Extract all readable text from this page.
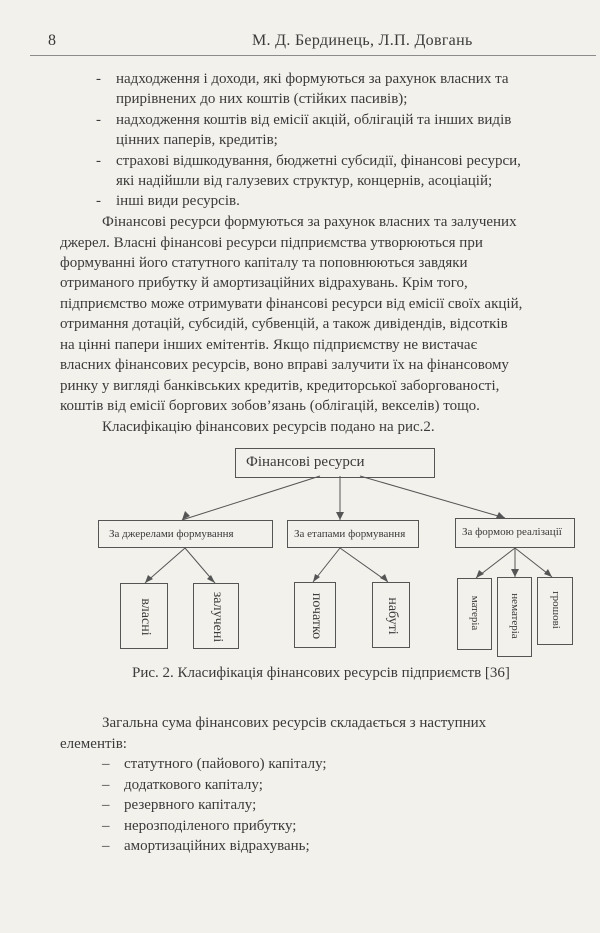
8	М. Д. Бердинець, Л.П. Довгань
- надходження і доходи, які формуються за рахунок власних та
прирівнених до них коштів (стійких пасивів);
- надходження коштів від емісії акцій, облігацій та інших видів
цінних паперів, кредитів;
- страхові відшкодування, бюджетні субсидії, фінансові ресурси,
які надійшли від галузевих структур, концернів, асоціацій;
- інші види ресурсів.
Фінансові ресурси формуються за рахунок власних та залучених
джерел. Власні фінансові ресурси підприємства утворюються при
формуванні його статутного капіталу та поповнюються завдяки
отриманого прибутку й амортизаційних відрахувань. Крім того,
підприємство може отримувати фінансові ресурси від емісії своїх акцій,
отримання дотацій, субсидій, субвенцій, а також дивідендів, відсотків
на цінні папери інших емітентів. Якщо підприємству не вистачає
власних фінансових ресурсів, воно вправі залучити їх на фінансовому
ринку у вигляді банківських кредитів, кредиторської заборгованості,
коштів від емісії боргових зобов’язань (облігацій, векселів) тощо.
Класифікацію фінансових ресурсів подано на рис.2.
Фінансові ресурси
За джерелами формування	За етапами формування	За формою реалізації
власні	залучені	початко	набуті	матеріа	нематеріа	грошові
Рис. 2. Класифікація фінансових ресурсів підприємств [36]
Загальна сума фінансових ресурсів складається з наступних
елементів:
– статутного (пайового) капіталу;
– додаткового капіталу;
– резервного капіталу;
– нерозподіленого прибутку;
– амортизаційних відрахувань;
